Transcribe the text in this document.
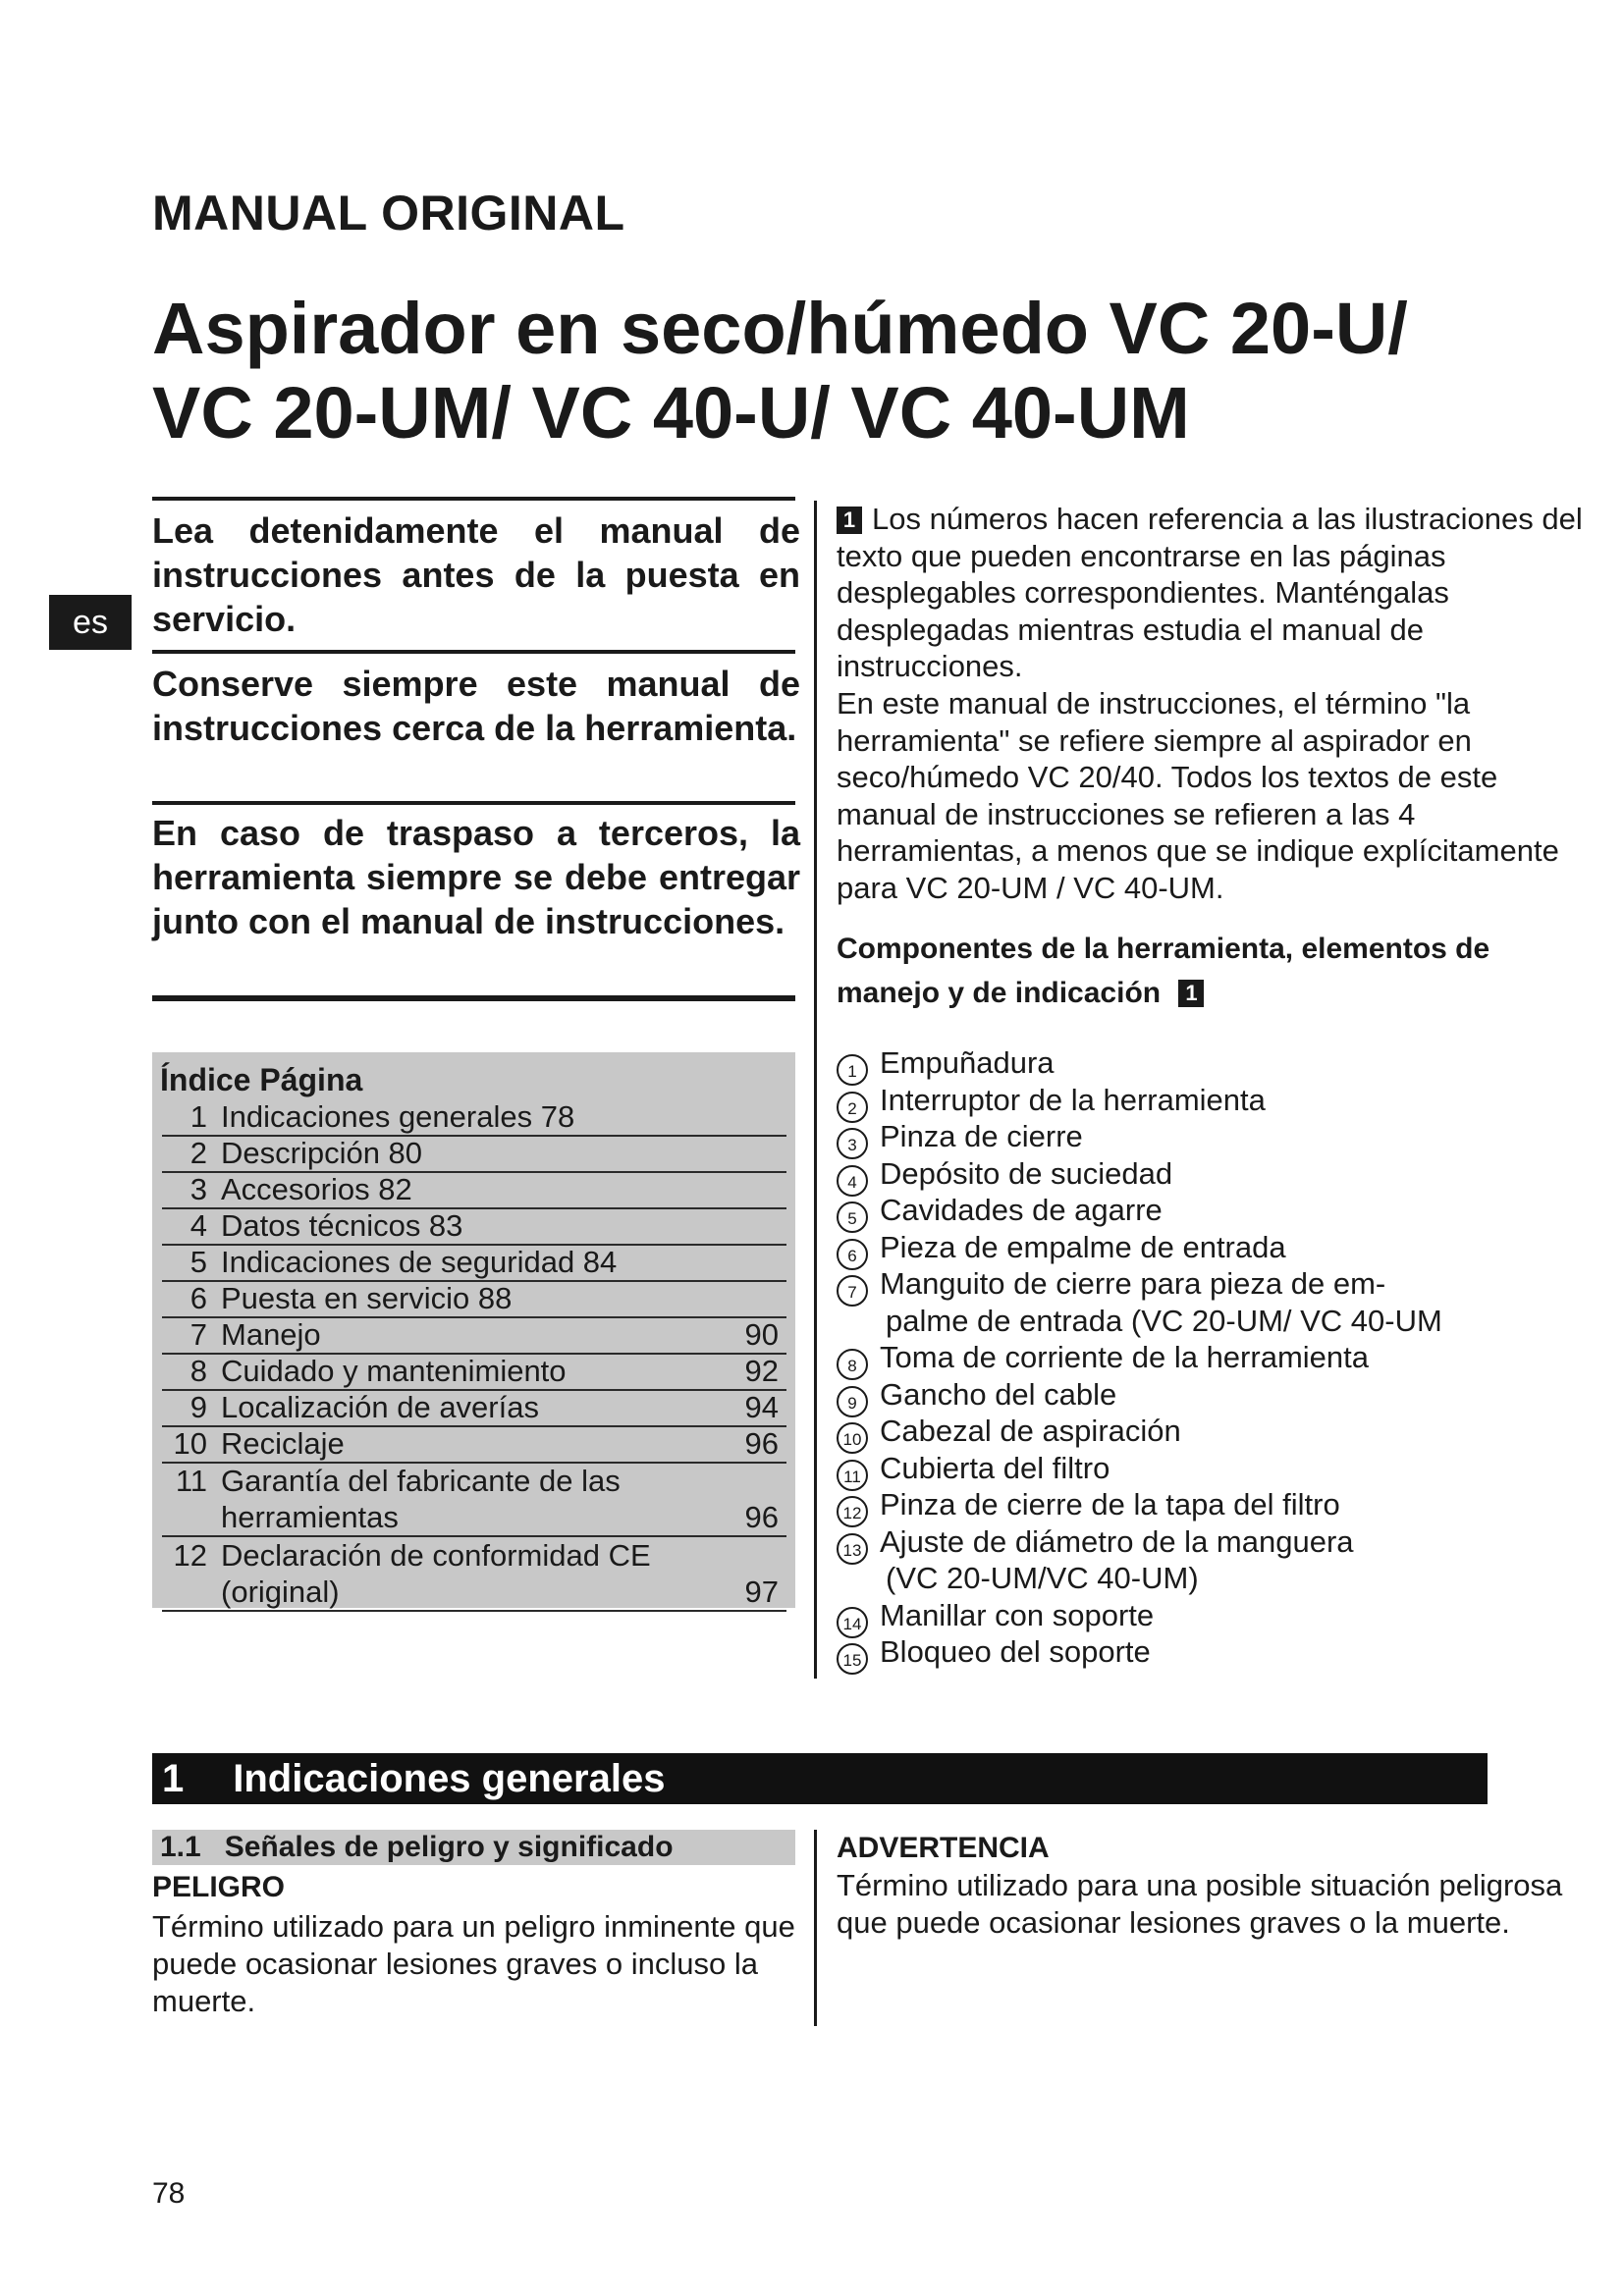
MANUAL ORIGINAL
Aspirador en seco/húmedo VC 20-U/
VC 20-UM/ VC 40-U/ VC 40-UM
es
Lea detenidamente el manual de instrucciones antes de la puesta en servicio.
Conserve siempre este manual de instrucciones cerca de la herramienta.
En caso de traspaso a terceros, la herramienta siempre se debe entregar junto con el manual de instrucciones.
Índice Página
1 Indicaciones generales 78
2 Descripción 80
3 Accesorios 82
4 Datos técnicos 83
5 Indicaciones de seguridad 84
6 Puesta en servicio 88
7 Manejo	90
8 Cuidado y mantenimiento	92
9 Localización de averías	94
10 Reciclaje	96
11 Garantía del fabricante de las
herramientas	96
12 Declaración de conformidad CE
(original)	97
1 Los números hacen referencia a las ilustraciones del texto que pueden encontrarse en las páginas desplegables correspondientes. Manténgalas desplegadas mientras estudia el manual de instrucciones.
En este manual de instrucciones, el término "la herramienta" se refiere siempre al aspirador en seco/húmedo VC 20/40. Todos los textos de este manual de instrucciones se refieren a las 4 herramientas, a menos que se indique explícitamente para VC 20-UM / VC 40-UM.
Componentes de la herramienta, elementos de manejo y de indicación 1
1 Empuñadura
2 Interruptor de la herramienta
3 Pinza de cierre
4 Depósito de suciedad
5 Cavidades de agarre
6 Pieza de empalme de entrada
7 Manguito de cierre para pieza de em-
palme de entrada (VC 20-UM/ VC 40-UM
8 Toma de corriente de la herramienta
9 Gancho del cable
10 Cabezal de aspiración
11 Cubierta del filtro
12 Pinza de cierre de la tapa del filtro
13 Ajuste de diámetro de la manguera
(VC 20-UM/VC 40-UM)
14 Manillar con soporte
15 Bloqueo del soporte
1 Indicaciones generales
1.1 Señales de peligro y significado
PELIGRO
Término utilizado para un peligro inminente que puede ocasionar lesiones graves o incluso la muerte.
ADVERTENCIA
Término utilizado para una posible situación peligrosa que puede ocasionar lesiones graves o la muerte.
78
